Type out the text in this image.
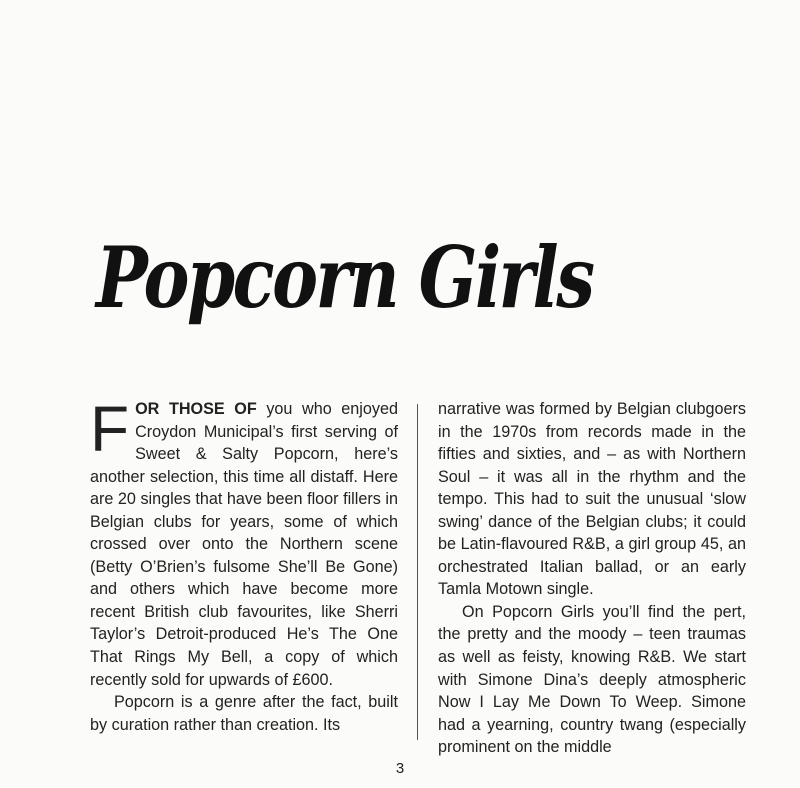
Popcorn Girls

FOR THOSE OF you who enjoyed Croydon Municipal’s first serving of Sweet & Salty Popcorn, here’s another selection, this time all distaff. Here are 20 singles that have been floor fillers in Belgian clubs for years, some of which crossed over onto the Northern scene (Betty O’Brien’s fulsome She’ll Be Gone) and others which have become more recent British club favourites, like Sherri Taylor’s Detroit-produced He’s The One That Rings My Bell, a copy of which recently sold for upwards of £600.

Popcorn is a genre after the fact, built by curation rather than creation. Its

narrative was formed by Belgian clubgoers in the 1970s from records made in the fifties and sixties, and – as with Northern Soul – it was all in the rhythm and the tempo. This had to suit the unusual ‘slow swing’ dance of the Belgian clubs; it could be Latin-flavoured R&B, a girl group 45, an orchestrated Italian ballad, or an early Tamla Motown single.

On Popcorn Girls you’ll find the pert, the pretty and the moody – teen traumas as well as feisty, knowing R&B. We start with Simone Dina’s deeply atmospheric Now I Lay Me Down To Weep. Simone had a yearning, country twang (especially prominent on the middle

3
